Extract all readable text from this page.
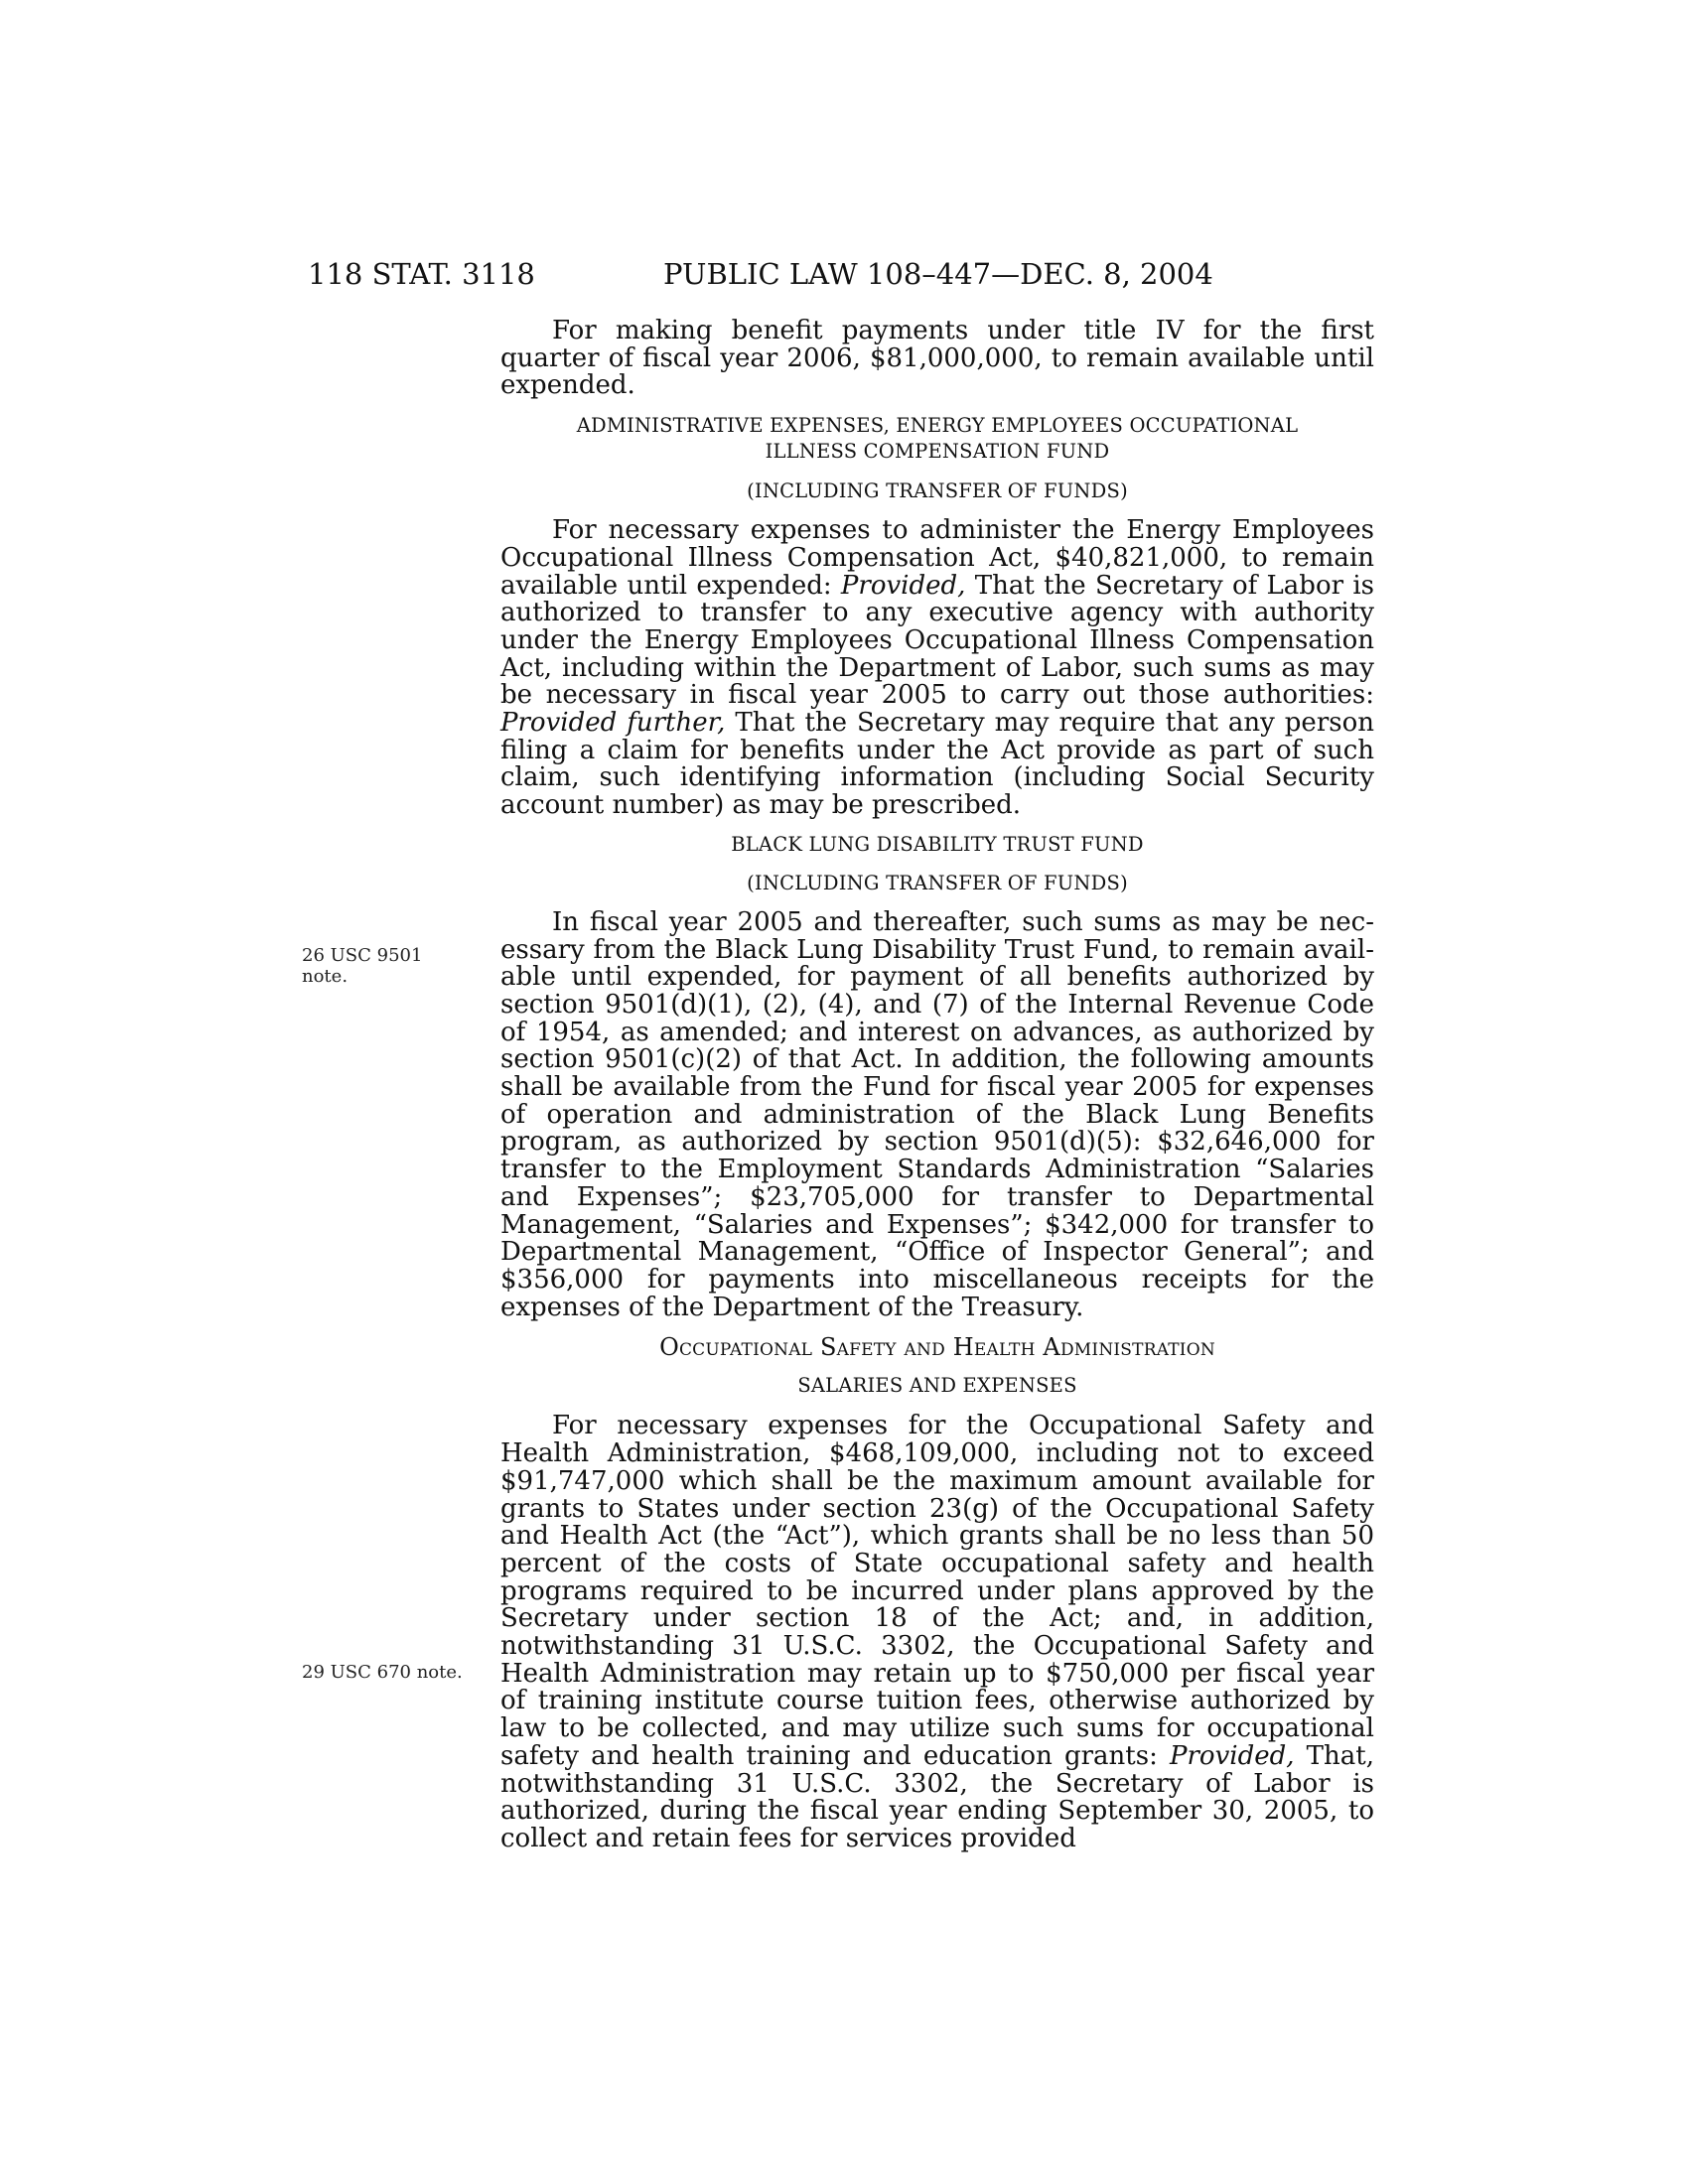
118 STAT. 3118	PUBLIC LAW 108–447—DEC. 8, 2004
26 USC 9501
note.
29 USC 670 note.

For making benefit payments under title IV for the first quarter of fiscal year 2006, $81,000,000, to remain available until expended.

ADMINISTRATIVE EXPENSES, ENERGY EMPLOYEES OCCUPATIONAL
ILLNESS COMPENSATION FUND
(INCLUDING TRANSFER OF FUNDS)

For necessary expenses to administer the Energy Employees Occupational Illness Compensation Act, $40,821,000, to remain available until expended: Provided, That the Secretary of Labor is authorized to transfer to any executive agency with authority under the Energy Employees Occupational Illness Compensation Act, including within the Department of Labor, such sums as may be necessary in fiscal year 2005 to carry out those authorities: Provided further, That the Secretary may require that any person filing a claim for benefits under the Act provide as part of such claim, such identifying information (including Social Security account number) as may be prescribed.

BLACK LUNG DISABILITY TRUST FUND
(INCLUDING TRANSFER OF FUNDS)

In fiscal year 2005 and thereafter, such sums as may be necessary from the Black Lung Disability Trust Fund, to remain available until expended, for payment of all benefits authorized by section 9501(d)(1), (2), (4), and (7) of the Internal Revenue Code of 1954, as amended; and interest on advances, as authorized by section 9501(c)(2) of that Act. In addition, the following amounts shall be available from the Fund for fiscal year 2005 for expenses of operation and administration of the Black Lung Benefits program, as authorized by section 9501(d)(5): $32,646,000 for transfer to the Employment Standards Administration “Salaries and Expenses”; $23,705,000 for transfer to Departmental Management, “Salaries and Expenses”; $342,000 for transfer to Departmental Management, “Office of Inspector General”; and $356,000 for payments into miscellaneous receipts for the expenses of the Department of the Treasury.

Occupational Safety and Health Administration
SALARIES AND EXPENSES

For necessary expenses for the Occupational Safety and Health Administration, $468,109,000, including not to exceed $91,747,000 which shall be the maximum amount available for grants to States under section 23(g) of the Occupational Safety and Health Act (the “Act”), which grants shall be no less than 50 percent of the costs of State occupational safety and health programs required to be incurred under plans approved by the Secretary under section 18 of the Act; and, in addition, notwithstanding 31 U.S.C. 3302, the Occupational Safety and Health Administration may retain up to $750,000 per fiscal year of training institute course tuition fees, otherwise authorized by law to be collected, and may utilize such sums for occupational safety and health training and education grants: Provided, That, notwithstanding 31 U.S.C. 3302, the Secretary of Labor is authorized, during the fiscal year ending September 30, 2005, to collect and retain fees for services provided
